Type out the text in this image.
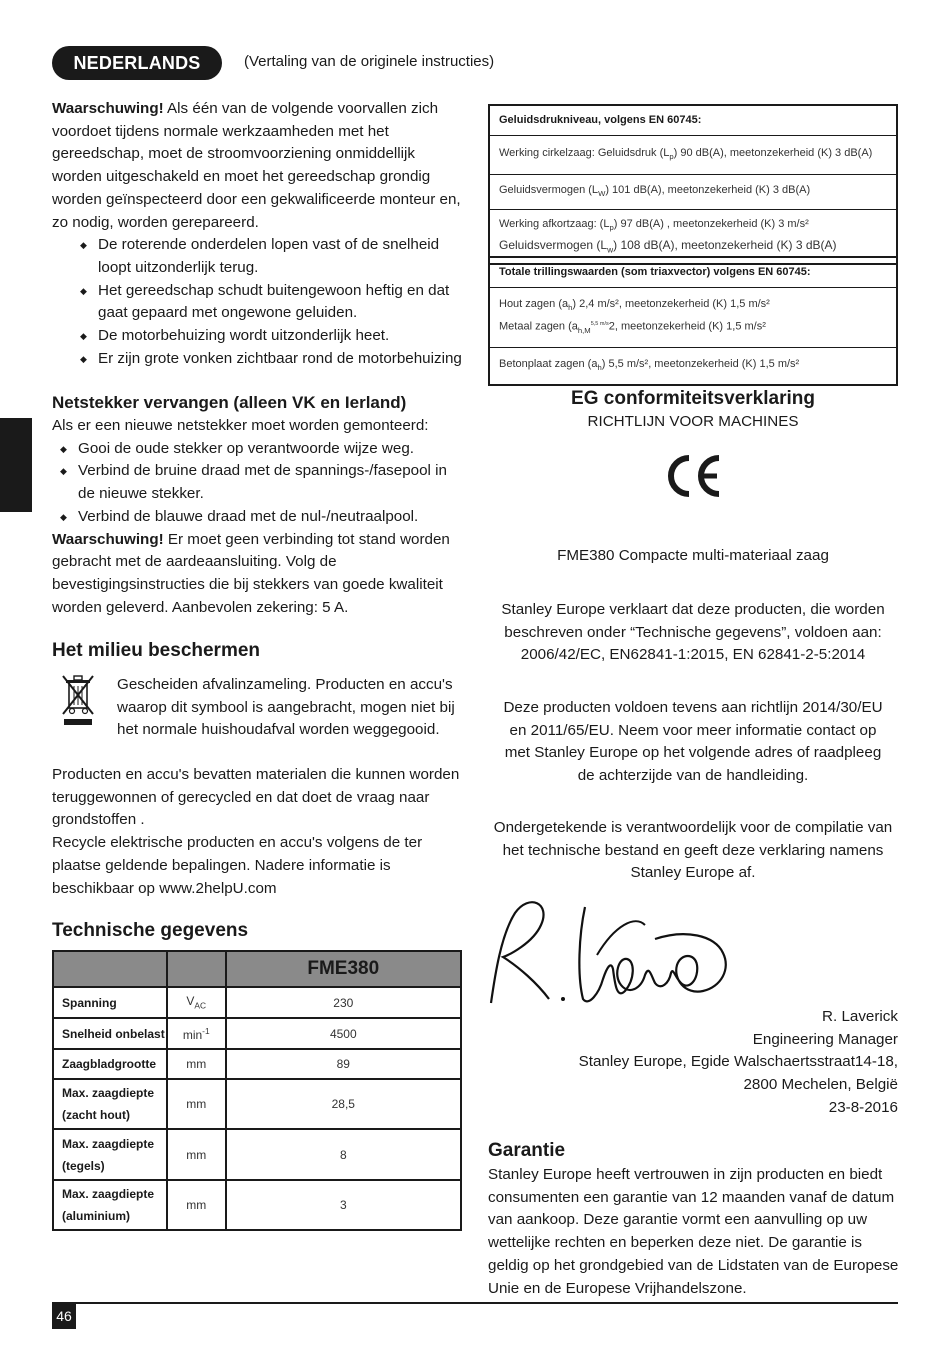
NEDERLANDS	(Vertaling van de originele instructies)
Waarschuwing! Als één van de volgende voorvallen zich voordoet tijdens normale werkzaamheden met het gereedschap, moet de stroomvoorziening onmiddellijk worden uitgeschakeld en moet het gereedschap grondig worden geïnspecteerd door een gekwalificeerde monteur en, zo nodig, worden gerepareerd.
◆ De roterende onderdelen lopen vast of de snelheid loopt uitzonderlijk terug.
◆ Het gereedschap schudt buitengewoon heftig en dat gaat gepaard met ongewone geluiden.
◆ De motorbehuizing wordt uitzonderlijk heet.
◆ Er zijn grote vonken zichtbaar rond de motorbehuizing
Netstekker vervangen (alleen VK en Ierland)
Als er een nieuwe netstekker moet worden gemonteerd:
◆ Gooi de oude stekker op verantwoorde wijze weg.
◆ Verbind de bruine draad met de spannings-/fasepool in de nieuwe stekker.
◆ Verbind de blauwe draad met de nul-/neutraalpool.
Waarschuwing! Er moet geen verbinding tot stand worden gebracht met de aardeaansluiting. Volg de bevestigingsinstructies die bij stekkers van goede kwaliteit worden geleverd. Aanbevolen zekering: 5 A.
Het milieu beschermen
Gescheiden afvalinzameling. Producten en accu's waarop dit symbool is aangebracht, mogen niet bij het normale huishoudafval worden weggegooid.
Producten en accu's bevatten materialen die kunnen worden teruggewonnen of gerecycled en dat doet de vraag naar grondstoffen .
Recycle elektrische producten en accu's volgens de ter plaatse geldende bepalingen. Nadere informatie is beschikbaar op www.2helpU.com
Technische gegevens
		FME380
Spanning	$V_{AC}$	230
Snelheid onbelast	$\min^{-1}$	4500
Zaagbladgrootte	mm	89
Max. zaagdiepte (zacht hout)	mm	28,5
Max. zaagdiepte (tegels)	mm	8
Max. zaagdiepte (aluminium)	mm	3
Geluidsdrukniveau, volgens EN 60745:
Werking cirkelzaag: Geluidsdruk $(L_p)$ 90 dB(A), meetonzekerheid (K) 3 dB(A)
Geluidsvermogen $(L_W)$ 101 dB(A), meetonzekerheid (K) 3 dB(A)
Werking afkortzaag: $(L_p)$ 97 dB(A) , meetonzekerheid (K) 3 m/s²
Geluidsvermogen $(L_w)$ 108 dB(A), meetonzekerheid (K) 3 dB(A)
Totale trillingswaarden (som triaxvector) volgens EN 60745:
Hout zagen $(a_h)$ 2,4 m/s², meetonzekerheid (K) 1,5 m/s²
Metaal zagen ($a_{h,M}^{5,5 m/s}2$, meetonzekerheid (K) 1,5 m/s²
Betonplaat zagen $(a_h)$ 5,5 m/s², meetonzekerheid (K) 1,5 m/s²
EG conformiteitsverklaring
RICHTLIJN VOOR MACHINES
FME380 Compacte multi-materiaal zaag
Stanley Europe verklaart dat deze producten, die worden beschreven onder “Technische gegevens”, voldoen aan: 2006/42/EC, EN62841-1:2015, EN 62841-2-5:2014
Deze producten voldoen tevens aan richtlijn 2014/30/EU en 2011/65/EU. Neem voor meer informatie contact op met Stanley Europe op het volgende adres of raadpleeg de achterzijde van de handleiding.
Ondergetekende is verantwoordelijk voor de compilatie van het technische bestand en geeft deze verklaring namens Stanley Europe af.
R. Laverick
Engineering Manager
Stanley Europe, Egide Walschaertsstraat14-18,
2800 Mechelen, België
23-8-2016
Garantie
Stanley Europe heeft vertrouwen in zijn producten en biedt consumenten een garantie van 12 maanden vanaf de datum van aankoop. Deze garantie vormt een aanvulling op uw wettelijke rechten en beperken deze niet. De garantie is geldig op het grondgebied van de Lidstaten van de Europese Unie en de Europese Vrijhandelszone.
46
